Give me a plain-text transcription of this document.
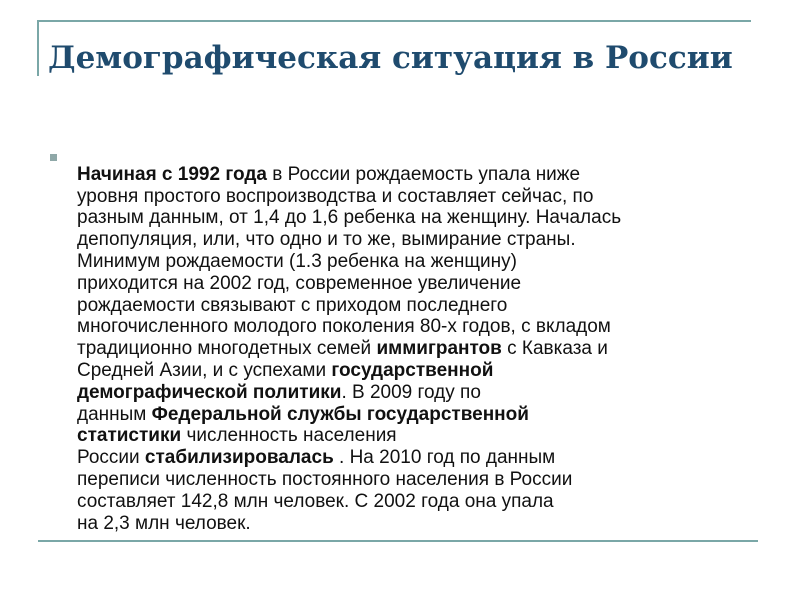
Демографическая ситуация в России

Начиная с 1992 года в России рождаемость упала ниже
уровня простого воспроизводства и составляет сейчас, по
разным данным, от 1,4 до 1,6 ребенка на женщину. Началась
депопуляция, или, что одно и то же, вымирание страны.
Минимум рождаемости (1.3 ребенка на женщину)
приходится на 2002 год, современное увеличение
рождаемости связывают с приходом последнего
многочисленного молодого поколения 80-х годов, с вкладом
традиционно многодетных семей иммигрантов с Кавказа и
Средней Азии, и с успехами государственной
демографической политики. В 2009 году по
данным Федеральной службы государственной
статистики численность населения
России стабилизировалась . На 2010 год по данным
переписи численность постоянного населения в России
составляет 142,8 млн человек. С 2002 года она упала
на 2,3 млн человек.
